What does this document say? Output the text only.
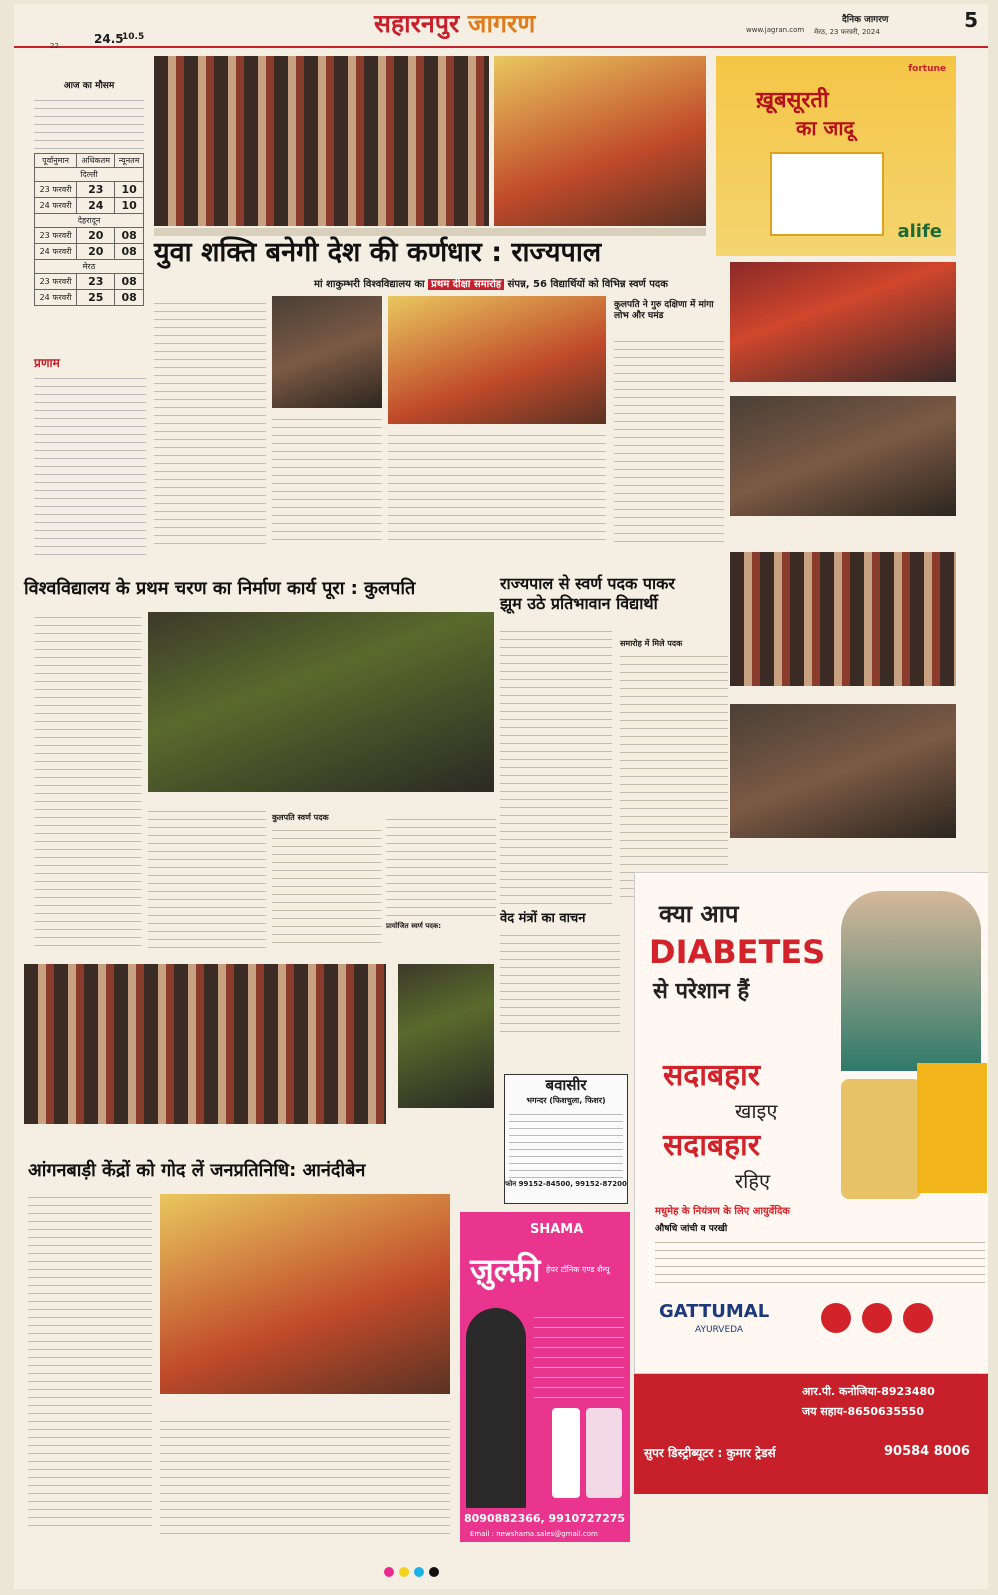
22	24.5
10.5	सहारनपुर जागरण	www.jagran.com
दैनिक जागरण
मेरठ, 23 फरवरी, 2024	5
आज का मौसम
पूर्वानुमान	अधिकतम	न्यूनतम
दिल्ली		
23 फरवरी	23	10
24 फरवरी	24	10
देहरादून		
23 फरवरी	20	08
24 फरवरी	20	08
मेरठ		
23 फरवरी	23	08
24 फरवरी	25	08
प्रणाम
fortune
ख़ूबसूरती
का जादू
alife
युवा शक्ति बनेगी देश की कर्णधार : राज्यपाल
मां शाकुम्भरी विश्वविद्यालय का प्रथम दीक्षा समारोह संपन्न, 56 विद्यार्थियों को विभिन्न स्वर्ण पदक
कुलपति ने गुरु दक्षिणा में मांगा लोभ और घमंड
विश्वविद्यालय के प्रथम चरण का निर्माण कार्य पूरा : कुलपति
कुलपति स्वर्ण पदक
प्रायोजित स्वर्ण पदक:
राज्यपाल से स्वर्ण पदक पाकर
झूम उठे प्रतिभावान विद्यार्थी
समारोह में मिले पदक
वेद मंत्रों का वाचन
बवासीर
भगन्दर (फिशचुला, फिशर)
फोन 99152-84500, 99152-87200
क्या आप
DIABETES
से परेशान हैं
सदाबहार
खाइए
सदाबहार
रहिए
मधुमेह के नियंत्रण के लिए आयुर्वेदिक
औषधि जांची व परखी
GATTUMAL
AYURVEDA

आर.पी. कनोजिया-8923480
जय सहाय-8650635550
सुपर डिस्ट्रीब्यूटर : कुमार ट्रेडर्स	90584 8006
आंगनबाड़ी केंद्रों को गोद लें जनप्रतिनिधि: आनंदीबेन
SHAMA
ज़ुल्फ़ी हेयर टॉनिक एण्ड शैम्पू
8090882366, 9910727275
Email : newshama.sales@gmail.com
